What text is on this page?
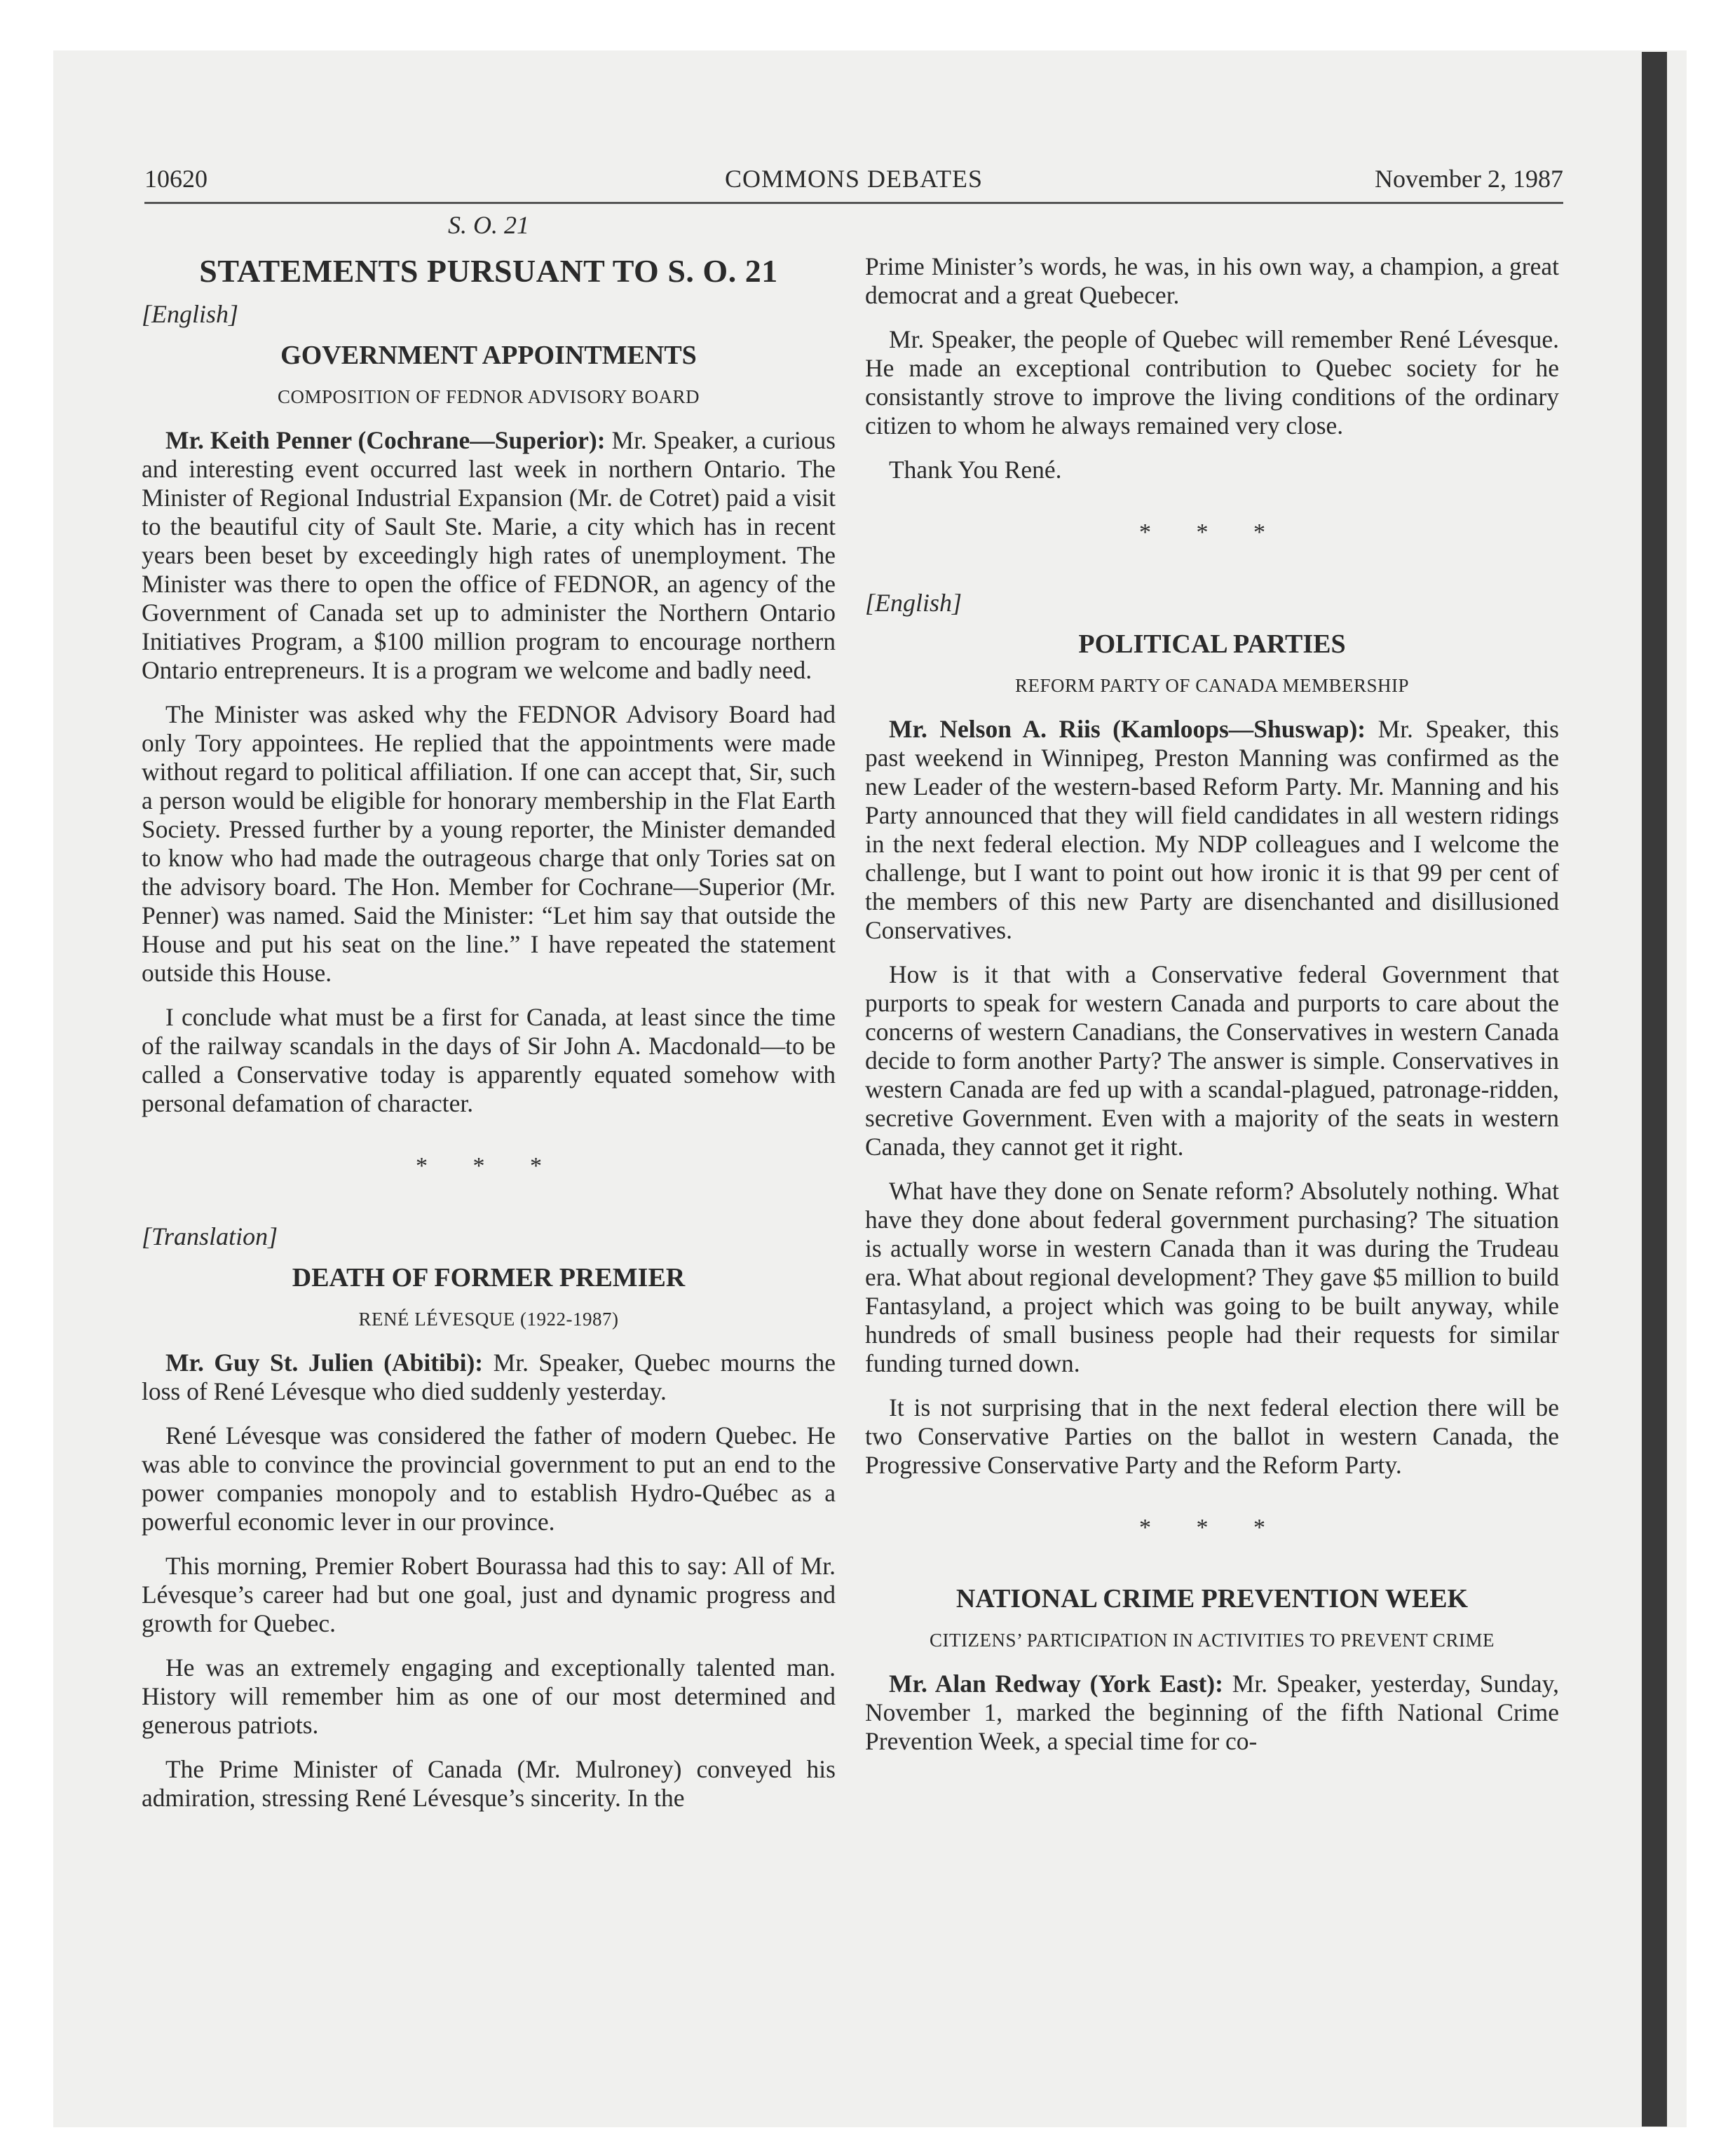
10620	COMMONS DEBATES	November 2, 1987
S. O. 21
STATEMENTS PURSUANT TO S. O. 21
[English]
GOVERNMENT APPOINTMENTS
COMPOSITION OF FEDNOR ADVISORY BOARD

Mr. Keith Penner (Cochrane—Superior): Mr. Speaker, a curious and interesting event occurred last week in northern Ontario. The Minister of Regional Industrial Expansion (Mr. de Cotret) paid a visit to the beautiful city of Sault Ste. Marie, a city which has in recent years been beset by exceedingly high rates of unemployment. The Minister was there to open the office of FEDNOR, an agency of the Government of Canada set up to administer the Northern Ontario Initiatives Program, a $100 million program to encourage northern Ontario entrepreneurs. It is a program we welcome and badly need.

The Minister was asked why the FEDNOR Advisory Board had only Tory appointees. He replied that the appointments were made without regard to political affiliation. If one can accept that, Sir, such a person would be eligible for honorary membership in the Flat Earth Society. Pressed further by a young reporter, the Minister demanded to know who had made the outrageous charge that only Tories sat on the advisory board. The Hon. Member for Cochrane—Superior (Mr. Penner) was named. Said the Minister: “Let him say that outside the House and put his seat on the line.” I have repeated the statement outside this House.

I conclude what must be a first for Canada, at least since the time of the railway scandals in the days of Sir John A. Macdonald—to be called a Conservative today is apparently equated somehow with personal defamation of character.

* * *
[Translation]
DEATH OF FORMER PREMIER
RENÉ LÉVESQUE (1922-1987)

Mr. Guy St. Julien (Abitibi): Mr. Speaker, Quebec mourns the loss of René Lévesque who died suddenly yesterday.

René Lévesque was considered the father of modern Quebec. He was able to convince the provincial government to put an end to the power companies monopoly and to establish Hydro-Québec as a powerful economic lever in our province.

This morning, Premier Robert Bourassa had this to say: All of Mr. Lévesque’s career had but one goal, just and dynamic progress and growth for Quebec.

He was an extremely engaging and exceptionally talented man. History will remember him as one of our most determined and generous patriots.

The Prime Minister of Canada (Mr. Mulroney) conveyed his admiration, stressing René Lévesque’s sincerity. In the

Prime Minister’s words, he was, in his own way, a champion, a great democrat and a great Quebecer.

Mr. Speaker, the people of Quebec will remember René Lévesque. He made an exceptional contribution to Quebec society for he consistantly strove to improve the living conditions of the ordinary citizen to whom he always remained very close.

Thank You René.

* * *
[English]
POLITICAL PARTIES
REFORM PARTY OF CANADA MEMBERSHIP

Mr. Nelson A. Riis (Kamloops—Shuswap): Mr. Speaker, this past weekend in Winnipeg, Preston Manning was confirmed as the new Leader of the western-based Reform Party. Mr. Manning and his Party announced that they will field candidates in all western ridings in the next federal election. My NDP colleagues and I welcome the challenge, but I want to point out how ironic it is that 99 per cent of the members of this new Party are disenchanted and disillusioned Conservatives.

How is it that with a Conservative federal Government that purports to speak for western Canada and purports to care about the concerns of western Canadians, the Conservatives in western Canada decide to form another Party? The answer is simple. Conservatives in western Canada are fed up with a scandal-plagued, patronage-ridden, secretive Government. Even with a majority of the seats in western Canada, they cannot get it right.

What have they done on Senate reform? Absolutely nothing. What have they done about federal government purchasing? The situation is actually worse in western Canada than it was during the Trudeau era. What about regional development? They gave $5 million to build Fantasyland, a project which was going to be built anyway, while hundreds of small business people had their requests for similar funding turned down.

It is not surprising that in the next federal election there will be two Conservative Parties on the ballot in western Canada, the Progressive Conservative Party and the Reform Party.

* * *
NATIONAL CRIME PREVENTION WEEK
CITIZENS’ PARTICIPATION IN ACTIVITIES TO PREVENT CRIME

Mr. Alan Redway (York East): Mr. Speaker, yesterday, Sunday, November 1, marked the beginning of the fifth National Crime Prevention Week, a special time for co-
